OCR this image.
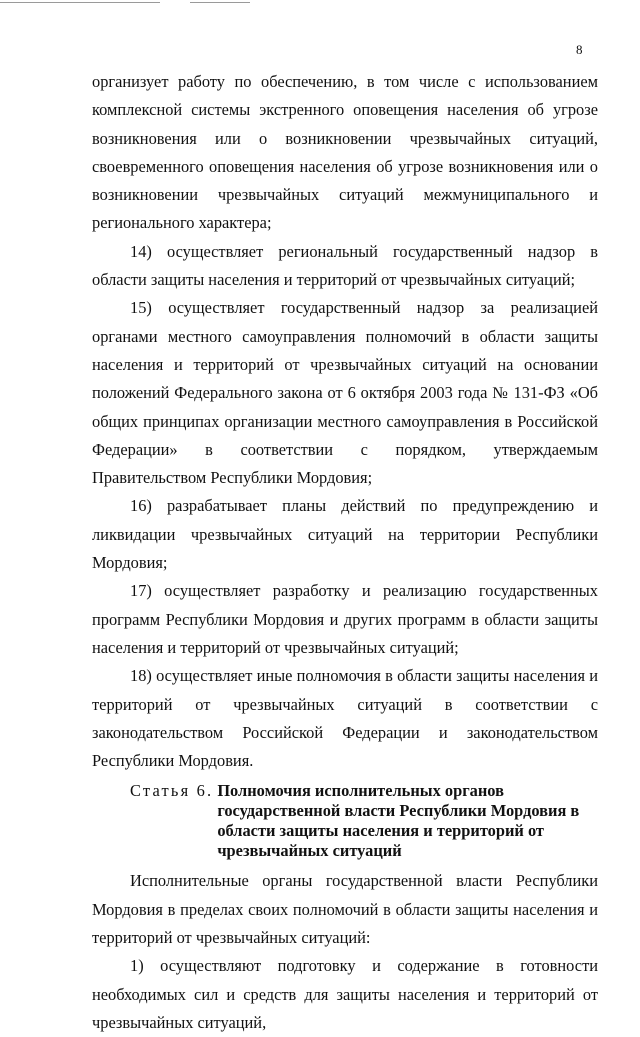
8

организует работу по обеспечению, в том числе с использованием комплексной системы экстренного оповещения населения об угрозе возникновения или о возникновении чрезвычайных ситуаций, своевременного оповещения населения об угрозе возникновения или о возникновении чрезвычайных ситуаций межмуниципального и регионального характера;

14) осуществляет региональный государственный надзор в области защиты населения и территорий от чрезвычайных ситуаций;

15) осуществляет государственный надзор за реализацией органами местного самоуправления полномочий в области защиты населения и территорий от чрезвычайных ситуаций на основании положений Федерального закона от 6 октября 2003 года № 131-ФЗ «Об общих принципах организации местного самоуправления в Российской Федерации» в соответствии с порядком, утверждаемым Правительством Республики Мордовия;

16) разрабатывает планы действий по предупреждению и ликвидации чрезвычайных ситуаций на территории Республики Мордовия;

17) осуществляет разработку и реализацию государственных программ Республики Мордовия и других программ в области защиты населения и территорий от чрезвычайных ситуаций;

18) осуществляет иные полномочия в области защиты населения и территорий от чрезвычайных ситуаций в соответствии с законодательством Российской Федерации и законодательством Республики Мордовия.

Статья 6. Полномочия исполнительных органов государственной власти Республики Мордовия в области защиты населения и территорий от чрезвычайных ситуаций

Исполнительные органы государственной власти Республики Мордовия в пределах своих полномочий в области защиты населения и территорий от чрезвычайных ситуаций:

1) осуществляют подготовку и содержание в готовности необходимых сил и средств для защиты населения и территорий от чрезвычайных ситуаций,
